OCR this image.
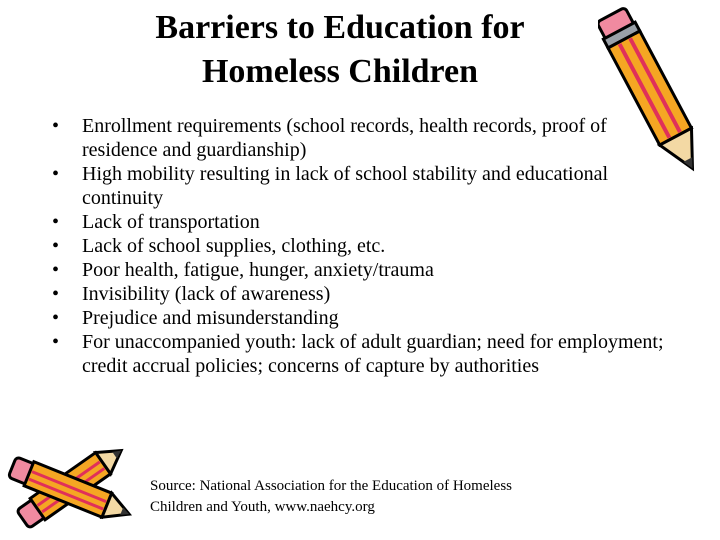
Barriers to Education for
Homeless Children
• Enrollment requirements (school records, health records, proof of residence and guardianship)
• High mobility resulting in lack of school stability and educational continuity
• Lack of transportation
• Lack of school supplies, clothing, etc.
• Poor health, fatigue, hunger, anxiety/trauma
• Invisibility (lack of awareness)
• Prejudice and misunderstanding
• For unaccompanied youth: lack of adult guardian; need for employment; credit accrual policies; concerns of capture by authorities
Source: National Association for the Education of Homeless
Children and Youth, www.naehcy.org
